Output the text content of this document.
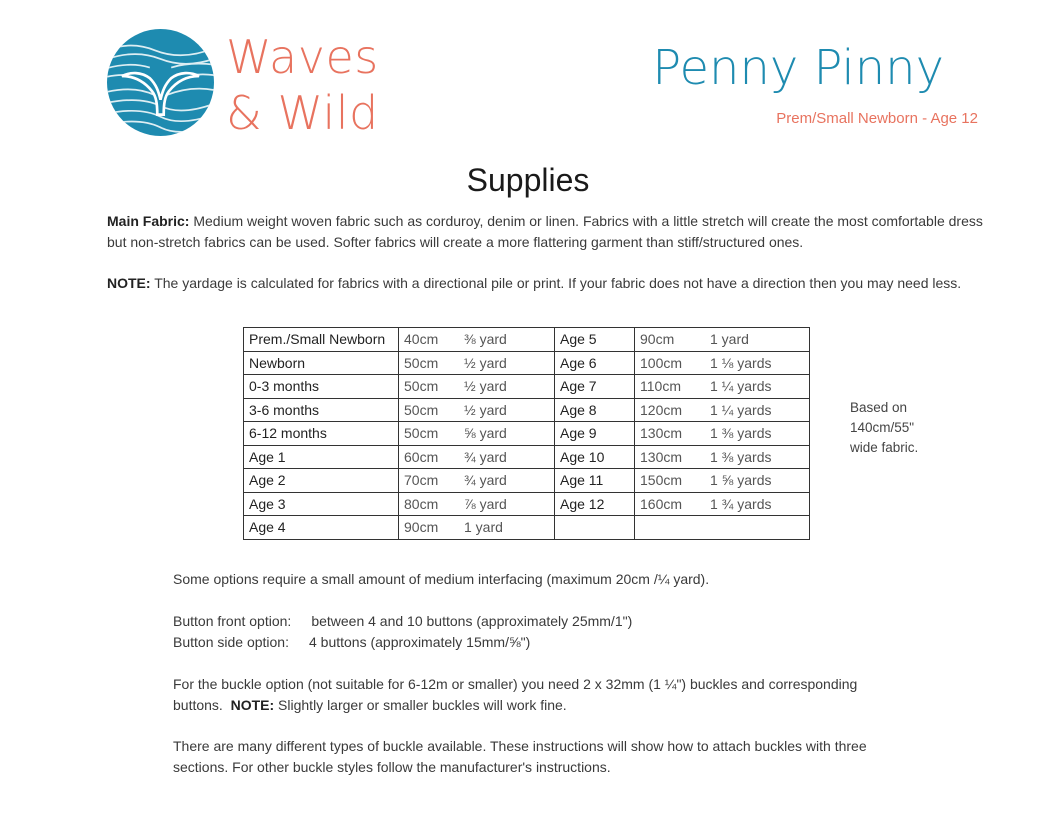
Waves
& Wild
Penny Pinny
Prem/Small Newborn - Age 12
Supplies
Main Fabric: Medium weight woven fabric such as corduroy, denim or linen. Fabrics with a little stretch will create the most comfortable dress but non-stretch fabrics can be used. Softer fabrics will create a more flattering garment than stiff/structured ones.
NOTE: The yardage is calculated for fabrics with a directional pile or print. If your fabric does not have a direction then you may need less.
Prem./Small Newborn	40cm ⅜ yard	Age 5	90cm 1 yard
Newborn	50cm ½ yard	Age 6	100cm 1 ⅛ yards
0-3 months	50cm ½ yard	Age 7	110cm 1 ¼ yards
3-6 months	50cm ½ yard	Age 8	120cm 1 ¼ yards
6-12 months	50cm ⅝ yard	Age 9	130cm 1 ⅜ yards
Age 1	60cm ¾ yard	Age 10	130cm 1 ⅜ yards
Age 2	70cm ¾ yard	Age 11	150cm 1 ⅝ yards
Age 3	80cm ⅞ yard	Age 12	160cm 1 ¾ yards
Age 4	90cm 1 yard		
Based on 140cm/55" wide fabric.
Some options require a small amount of medium interfacing (maximum 20cm /¼ yard).
Button front option: between 4 and 10 buttons (approximately 25mm/1")
Button side option: 4 buttons (approximately 15mm/⅝")
For the buckle option (not suitable for 6-12m or smaller) you need 2 x 32mm (1 ¼") buckles and corresponding
buttons.  NOTE: Slightly larger or smaller buckles will work fine.
There are many different types of buckle available. These instructions will show how to attach buckles with three
sections. For other buckle styles follow the manufacturer's instructions.
